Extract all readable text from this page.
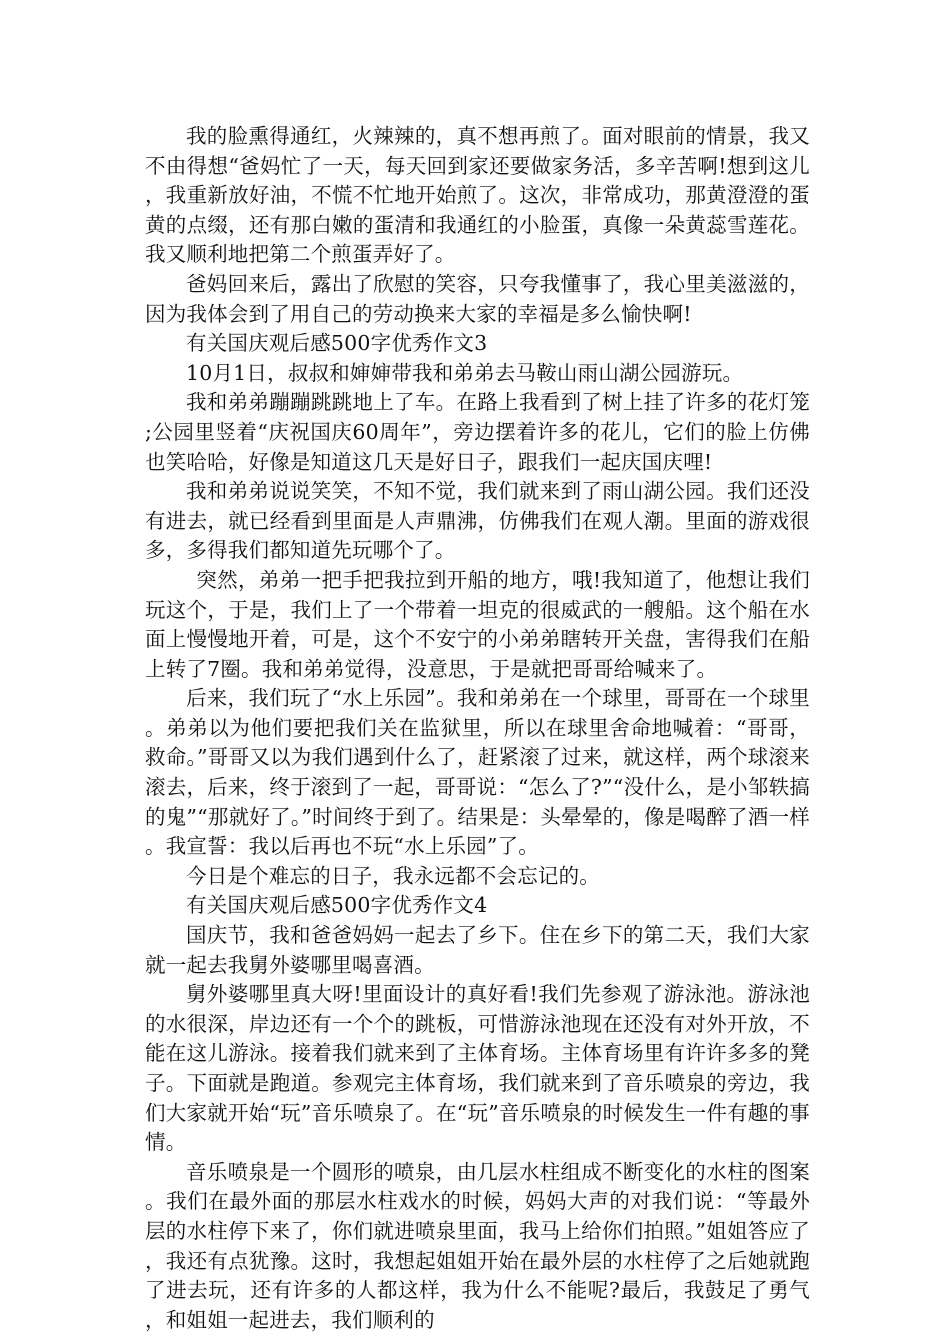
我的脸熏得通红，火辣辣的，真不想再煎了。面对眼前的情景，我又不由得想“爸妈忙了一天，每天回到家还要做家务活，多辛苦啊!想到这儿，我重新放好油，不慌不忙地开始煎了。这次，非常成功，那黄澄澄的蛋黄的点缀，还有那白嫩的蛋清和我通红的小脸蛋，真像一朵黄蕊雪莲花。我又顺利地把第二个煎蛋弄好了。

爸妈回来后，露出了欣慰的笑容，只夸我懂事了，我心里美滋滋的，因为我体会到了用自己的劳动换来大家的幸福是多么愉快啊!

有关国庆观后感500字优秀作文3

10月1日，叔叔和婶婶带我和弟弟去马鞍山雨山湖公园游玩。

我和弟弟蹦蹦跳跳地上了车。在路上我看到了树上挂了许多的花灯笼;公园里竖着“庆祝国庆60周年”，旁边摆着许多的花儿，它们的脸上仿佛也笑哈哈，好像是知道这几天是好日子，跟我们一起庆国庆哩!

我和弟弟说说笑笑，不知不觉，我们就来到了雨山湖公园。我们还没有进去，就已经看到里面是人声鼎沸，仿佛我们在观人潮。里面的游戏很多，多得我们都知道先玩哪个了。

突然，弟弟一把手把我拉到开船的地方，哦!我知道了，他想让我们玩这个，于是，我们上了一个带着一坦克的很威武的一艘船。这个船在水面上慢慢地开着，可是，这个不安宁的小弟弟瞎转开关盘，害得我们在船上转了7圈。我和弟弟觉得，没意思，于是就把哥哥给喊来了。

后来，我们玩了“水上乐园”。我和弟弟在一个球里，哥哥在一个球里。弟弟以为他们要把我们关在监狱里，所以在球里舍命地喊着：“哥哥，救命。”哥哥又以为我们遇到什么了，赶紧滚了过来，就这样，两个球滚来滚去，后来，终于滚到了一起，哥哥说：“怎么了?”“没什么，是小邹轶搞的鬼”“那就好了。”时间终于到了。结果是：头晕晕的，像是喝醉了酒一样。我宣誓：我以后再也不玩“水上乐园”了。

今日是个难忘的日子，我永远都不会忘记的。

有关国庆观后感500字优秀作文4

国庆节，我和爸爸妈妈一起去了乡下。住在乡下的第二天，我们大家就一起去我舅外婆哪里喝喜酒。

舅外婆哪里真大呀!里面设计的真好看!我们先参观了游泳池。游泳池的水很深，岸边还有一个个的跳板，可惜游泳池现在还没有对外开放，不能在这儿游泳。接着我们就来到了主体育场。主体育场里有许许多多的凳子。下面就是跑道。参观完主体育场，我们就来到了音乐喷泉的旁边，我们大家就开始“玩”音乐喷泉了。在“玩”音乐喷泉的时候发生一件有趣的事情。

音乐喷泉是一个圆形的喷泉，由几层水柱组成不断变化的水柱的图案。我们在最外面的那层水柱戏水的时候，妈妈大声的对我们说：“等最外层的水柱停下来了，你们就进喷泉里面，我马上给你们拍照。”姐姐答应了，我还有点犹豫。这时，我想起姐姐开始在最外层的水柱停了之后她就跑了进去玩，还有许多的人都这样，我为什么不能呢?最后，我鼓足了勇气，和姐姐一起进去，我们顺利的
